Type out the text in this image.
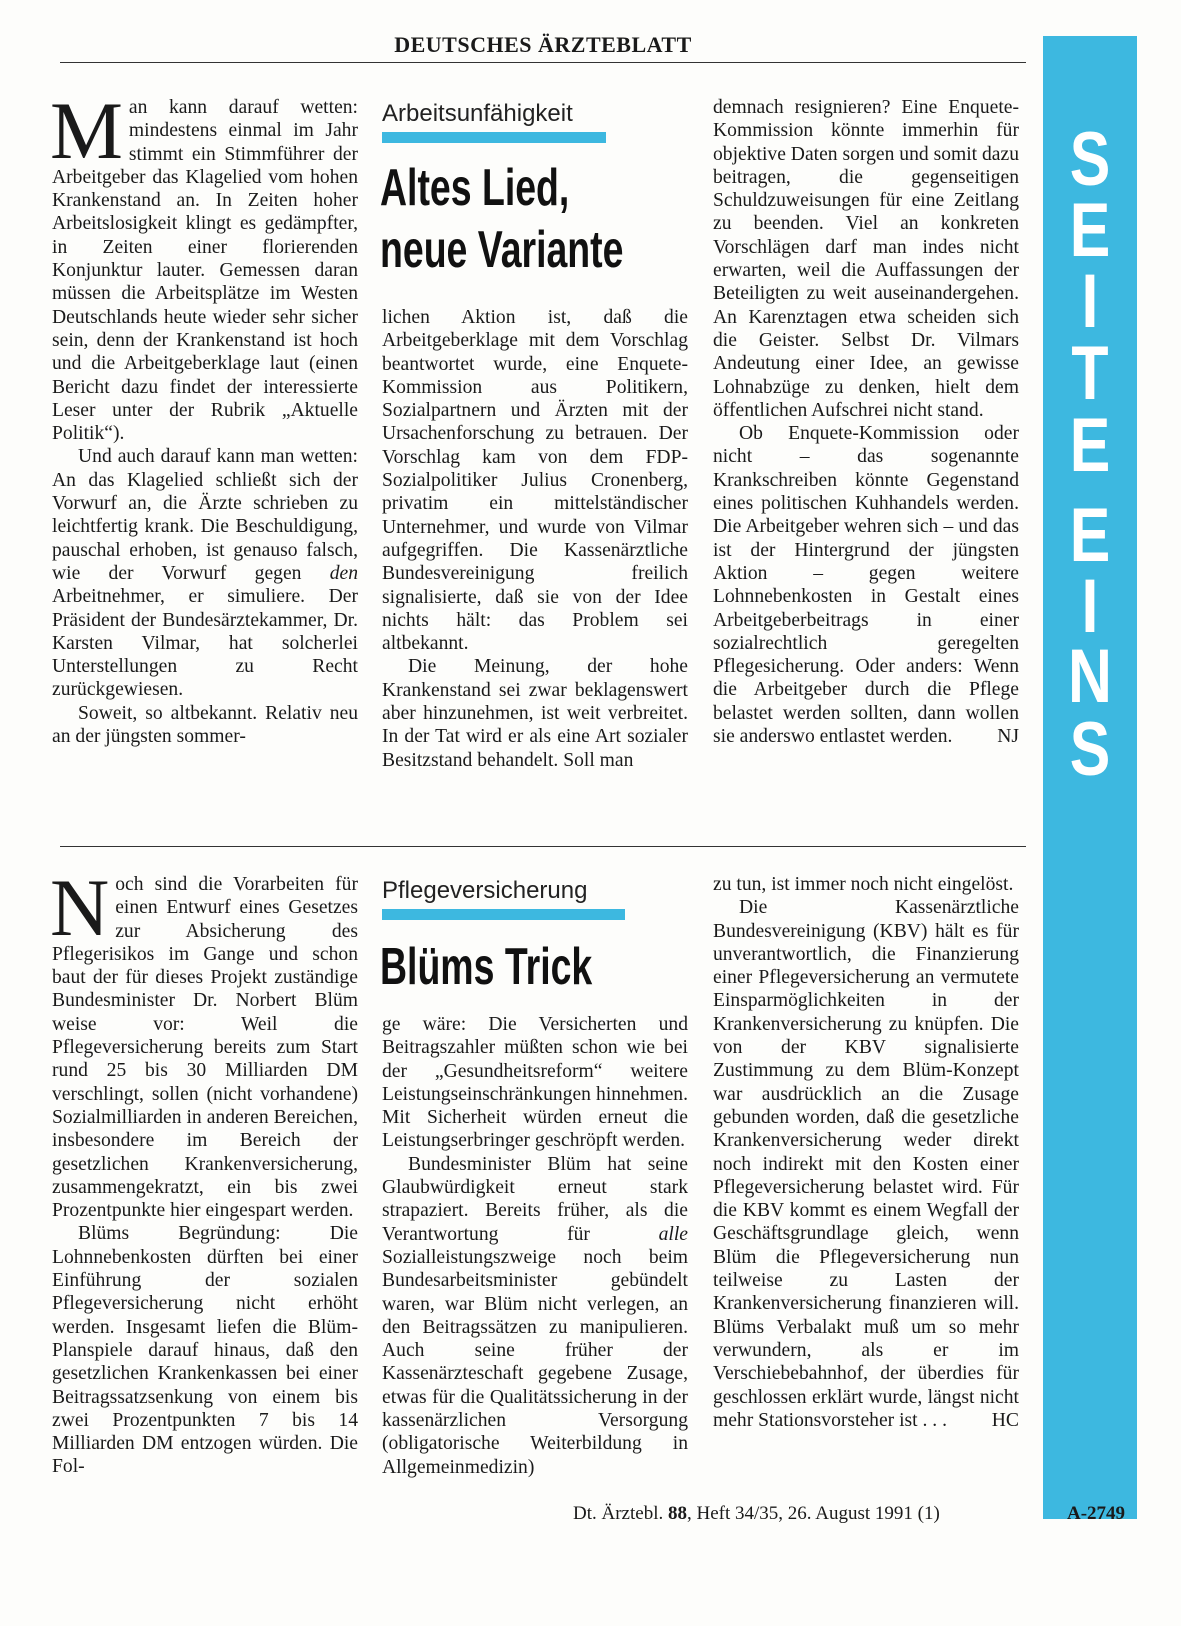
DEUTSCHES ÄRZTEBLATT
S
E
I
T
E
E
I
N
S
Arbeitsunfähigkeit
Altes Lied,
neue Variante

Man kann darauf wetten: mindestens einmal im Jahr stimmt ein Stimmführer der Arbeitgeber das Klagelied vom hohen Krankenstand an. In Zeiten hoher Arbeitslosigkeit klingt es gedämpfter, in Zeiten einer florierenden Konjunktur lauter. Gemessen daran müssen die Arbeitsplätze im Westen Deutschlands heute wieder sehr sicher sein, denn der Krankenstand ist hoch und die Arbeitgeberklage laut (einen Bericht dazu findet der interessierte Leser unter der Rubrik „Aktuelle Politik“).

Und auch darauf kann man wetten: An das Klagelied schließt sich der Vorwurf an, die Ärzte schrieben zu leichtfertig krank. Die Beschuldigung, pauschal erhoben, ist genauso falsch, wie der Vorwurf gegen den Arbeitnehmer, er simuliere. Der Präsident der Bundesärztekammer, Dr. Karsten Vilmar, hat solcherlei Unterstellungen zu Recht zurückgewiesen.

Soweit, so altbekannt. Relativ neu an der jüngsten sommer-

lichen Aktion ist, daß die Arbeitgeberklage mit dem Vorschlag beantwortet wurde, eine Enquete-Kommission aus Politikern, Sozialpartnern und Ärzten mit der Ursachenforschung zu betrauen. Der Vorschlag kam von dem FDP-Sozialpolitiker Julius Cronenberg, privatim ein mittelständischer Unternehmer, und wurde von Vilmar aufgegriffen. Die Kassenärztliche Bundesvereinigung freilich signalisierte, daß sie von der Idee nichts hält: das Problem sei altbekannt.

Die Meinung, der hohe Krankenstand sei zwar beklagenswert aber hinzunehmen, ist weit verbreitet. In der Tat wird er als eine Art sozialer Besitzstand behandelt. Soll man

demnach resignieren? Eine Enquete-Kommission könnte immerhin für objektive Daten sorgen und somit dazu beitragen, die gegenseitigen Schuldzuweisungen für eine Zeitlang zu beenden. Viel an konkreten Vorschlägen darf man indes nicht erwarten, weil die Auffassungen der Beteiligten zu weit auseinandergehen. An Karenztagen etwa scheiden sich die Geister. Selbst Dr. Vilmars Andeutung einer Idee, an gewisse Lohnabzüge zu denken, hielt dem öffentlichen Aufschrei nicht stand.

Ob Enquete-Kommission oder nicht – das sogenannte Krankschreiben könnte Gegenstand eines politischen Kuhhandels werden. Die Arbeitgeber wehren sich – und das ist der Hintergrund der jüngsten Aktion – gegen weitere Lohnnebenkosten in Gestalt eines Arbeitgeberbeitrags in einer sozialrechtlich geregelten Pflegesicherung. Oder anders: Wenn die Arbeitgeber durch die Pflege belastet werden sollten, dann wollen sie anderswo entlastet werden.	NJ

Pflegeversicherung
Blüms Trick

Noch sind die Vorarbeiten für einen Entwurf eines Gesetzes zur Absicherung des Pflegerisikos im Gange und schon baut der für dieses Projekt zuständige Bundesminister Dr. Norbert Blüm weise vor: Weil die Pflegeversicherung bereits zum Start rund 25 bis 30 Milliarden DM verschlingt, sollen (nicht vorhandene) Sozialmilliarden in anderen Bereichen, insbesondere im Bereich der gesetzlichen Krankenversicherung, zusammengekratzt, ein bis zwei Prozentpunkte hier eingespart werden.

Blüms Begründung: Die Lohnnebenkosten dürften bei einer Einführung der sozialen Pflegeversicherung nicht erhöht werden. Insgesamt liefen die Blüm-Planspiele darauf hinaus, daß den gesetzlichen Krankenkassen bei einer Beitragssatzsenkung von einem bis zwei Prozentpunkten 7 bis 14 Milliarden DM entzogen würden. Die Fol-

ge wäre: Die Versicherten und Beitragszahler müßten schon wie bei der „Gesundheitsreform“ weitere Leistungseinschränkungen hinnehmen. Mit Sicherheit würden erneut die Leistungserbringer geschröpft werden.

Bundesminister Blüm hat seine Glaubwürdigkeit erneut stark strapaziert. Bereits früher, als die Verantwortung für alle Sozialleistungszweige noch beim Bundesarbeitsminister gebündelt waren, war Blüm nicht verlegen, an den Beitragssätzen zu manipulieren. Auch seine früher der Kassenärzteschaft gegebene Zusage, etwas für die Qualitätssicherung in der kassenärzlichen Versorgung (obligatorische Weiterbildung in Allgemeinmedizin)

zu tun, ist immer noch nicht eingelöst.

Die Kassenärztliche Bundesvereinigung (KBV) hält es für unverantwortlich, die Finanzierung einer Pflegeversicherung an vermutete Einsparmöglichkeiten in der Krankenversicherung zu knüpfen. Die von der KBV signalisierte Zustimmung zu dem Blüm-Konzept war ausdrücklich an die Zusage gebunden worden, daß die gesetzliche Krankenversicherung weder direkt noch indirekt mit den Kosten einer Pflegeversicherung belastet wird. Für die KBV kommt es einem Wegfall der Geschäftsgrundlage gleich, wenn Blüm die Pflegeversicherung nun teilweise zu Lasten der Krankenversicherung finanzieren will. Blüms Verbalakt muß um so mehr verwundern, als er im Verschiebebahnhof, der überdies für geschlossen erklärt wurde, längst nicht mehr Stationsvorsteher ist . . .	HC

Dt. Ärztebl. 88, Heft 34/35, 26. August 1991 (1)	A-2749
